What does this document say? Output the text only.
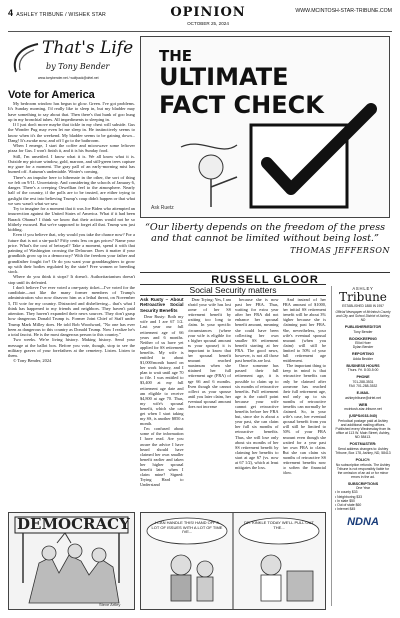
4 ASHLEY TRIBUNE / WISHEK STAR	OPINION
OCTOBER 25, 2024
WWW.MCINTOSH-STAR-TRIBUNE.COM
That's Life
by Tony Bender
www.tonybender.net / wolfpack@drtel.net
Vote for America

My bedroom window has begun to glow. Green. I've got problems. It's Sunday morning. I'd really like to sleep in, but my bladder may have something to say about that. Then there's that hunk of goo hung up in my bronchial tubes. All impediments to sleeping in.

If I just don't move maybe that tickle in my chest will subside. Gus the Wonder Pug may even let me sleep in. He instinctively seems to know when it's the weekend. My bladder seems to be gaining down... Dang! It's awake now, and off I go to the bathroom.

When I emerge, I start the coffee and microwave some leftover pizza for Gus. I won't finish it, and it is his Sunday food.

Still, I'm unsettled. I know what it is. We all know what it is. Outside my picture window, gold, maroon, and still-green trees capture my gaze for a moment. The gray pall of an early-morning mist has burned off. Autumn's undeniable. Winter's coming.

There's an impulse here to hibernate in the other, the sort of thing we felt on 9/11. Uncertainty. And considering the schools of January 6, danger. There's a creeping Orwellian feel to the atmosphere. Nearly half of the country, if the polls are to be trusted, are either trying to gaslight the rest into believing Trump's coup didn't happen or that what we saw wasn't what we saw.

Try to imagine for a moment that it was Joe Biden who attempted an insurrection against the United States of America. What if it had been Barack Obama? I think we know that their actions would not be so blithely excused. But we're supposed to forget all that. Trump was just kidding.

Even if you believe that, why would you take the chance now? For a future that is not a sin-pack? Fifty cents less on gas prices? Name your price. What's the cost of betrayal? Take a moment, spend it with that painting of Washington crossing the Delaware. Does it matter if your grandkids grow up in a democracy? With the freedom your father and grandfather fought for? Or do you want your granddaughters to grow up with their bodies regulated by the state? Free women or breeding stock.

Where do you think it stops? It doesn't. Authoritarianism doesn't stop until its defeated.

I don't believe I've ever voted a one-party ticket—I've voted for the candidate—not like the many former members of Trump's administration who now disavow him as a lethal threat, on November 5, I'll vote for my country. Distracted and disbelieving... that's what I think has happened to my friends and neighbors. They haven't paid attention. They haven't expanded their news sources. They don't grasp how dangerous Donald Trump is. Former Joint Chief of Staff under Trump Mark Milley does. He told Bob Woodward, "No one has ever been as dangerous to this country as Donald Trump. Now I realize he's a total fascist. He is the most dangerous person to this country."

Two weeks. We're living history. Making history. Send your message at the ballot box. Before you vote, though, stop to see the military graves of your forefathers at the cemetery. Listen. Listen to them.

© Tony Bender, 2024

DEMOCRACY
Steve Artley
THE
ULTIMATE
FACT CHECK
Ask Ruetz
“Our liberty depends on the freedom of the press and that cannot be limited without being lost.”
THOMAS JEFFERSON
RUSSELL GLOOR
Social Security matters
Ask Rusty – About Retroactive Social Security Benefits

Dear Rusty: Both my wife and I are 67 1/2. Last year our full retirement age of 66 years and 6 months. Neither of us have yet applied for SS retirement benefits. My wife is entitled to about $1,000/month based on her work history, and I plan to wait until age 70 to file. I was entitled to $3,400 at my full retirement age date and am eligible to receive $4,800 at age 70. Thus, my wife's spousal benefit, which she can get when I start taking my SS, is another $850 a month.

I'm confused about some of the information I have read. Are you aware the advice I have heard should have claimed her own smaller benefit earlier and taken her higher spousal benefit later when I claim mine? Signed: Trying Hard to Understand

Dear Trying: Yes, I am afraid your wife has lost some of her SS retirement benefit by waiting too long to claim. In your specific circumstances (where your wife is eligible for a higher spousal amount as your spouse) it is important to know that her spousal benefit amount reached maximum when she attained her full retirement age (FRA) of age 66 and 6 months. Even though she cannot collect as your spouse until you later claim, her eventual spousal amount does not increase

because she is now past her FRA. Thus, waiting for extra year after her FRA did not enhance her spousal benefit amount, meaning she could have been collecting her own smaller SS retirement benefit starting at her FRA. The good news, however, is not all those past benefits are lost.

Once someone has passed their full retirement age, it is possible to claim up to six months of retroactive benefits. Full retirement age is the cutoff point because your wife cannot get retroactive benefits before her FRA but, since she is about a year past, she can claim her full six months of retroactive benefits. Thus, she will lose only about six months of her SS retirement benefit by claiming her benefits to start at age 67 (vs. now at 67 1/2), which at least mitigates the loss.

And instead of her FRA amount of $1000, her initial SS retirement benefit will be about 3% higher because she is claiming past her FRA. She, nevertheless, your wife's eventual spousal amount (when you claim) will still be limited to 50% of your full retirement age entitlement.

The important thing to keep in mind is that retroactive benefits can only be claimed after someone has reached their full retirement age, and only up to six months of retroactive benefits can normally be claimed. So, in your wife's case, her eventual spousal benefit from you will still be limited to 50% of your FRA amount even though she waited for a year past her own FRA to claim. But she can claim six months of retroactive SS retirement benefits now to soften the financial blow.

I CAN HANDLE THIS! HAND OFF A LOT OF ISSUES WITH A LOT OF TIME I'VE...
DR. KINKLE TODAY WE'LL PULL OUT THE...
ASHLEY
Tribune
ESTABLISHED 1888 IN 1957
Official Newspaper of McIntosh County and City and School District of Ashley, ND
PUBLISHER/EDITOR
Tony Bender
BOOKKEEPING
Elliot Hoer
Dylan Bender
REPORTING
Adda Beckler
BUSINESS HOURS
Thurs. Fri. 8:30-5:00
PHONE
701-288-3531
FAX 701-288-3532
E-MAIL
ashleytribune@drtel.net
WEB
mcintosh-star-tribune.net
(USPS#033-940)
Periodical postage paid at Ashley and additional mailing offices. Published every Wednesday from its office at 113 W. Main Street, Ashley, ND 58413.
POSTMASTER:
Send address changes to: Ashley Tribune, Box 178, Ashley, ND, 58413
POLICY:
No subscription refunds. The Ashley Tribune is not responsibly liable for the omission of an ad or for minor errors in the ad.
SUBSCRIPTIONS
One Year
• In county $33
• Neighboring $33
• In state $50
• Out of state $60
• Internet $45
NDNA
